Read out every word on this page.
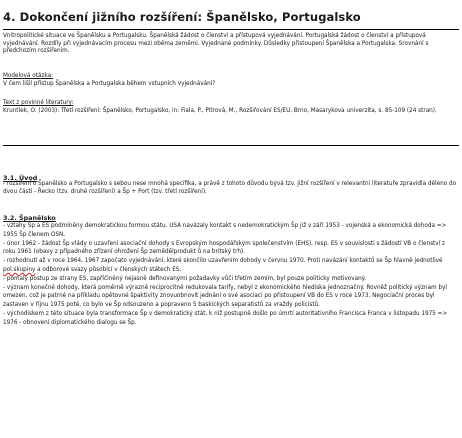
4. Dokončení jižního rozšíření: Španělsko, Portugalsko
Vnitropolitické situace ve Španělsku a Portugalsku. Španělská žádost o členství a přístupová vyjednávání. Portugalská žádost o členství a přístupová vyjednávání. Rozdíly při vyjednávacím procesu mezi oběma zeměmi. Vyjednané podmínky. Důsledky přistoupení Španělska a Portugalska. Srovnání s předchozím rozšířením.
Modelová otázka:
V čem lišil přístup Španělska a Portugalska během vstupních vyjednávání?
Text z povinné literatury:
Kruntlek, O. (2003): Třetí rozšíření: Španělsko, Portugalsko, in: Fiala, P., Pitrová, M., Rozšiřování ES/EU, Brno, Masarykova univerzita, s. 85-109 (24 stran).
3.1. Úvod
- rozšíření o Španělsko a Portugalsko s sebou nese mnohá specifika, a právě z tohoto důvodu bývá tzv. jižní rozšíření v relevantní literatuře zpravidla děleno do dvou částí - Řecko (tzv. druhé rozšíření) a Šp + Port (tzv. třetí rozšíření).
3.2. Španělsko

- vztahy Šp a ES podmíněny demokratickou formou státu. USA navázaly kontakt s nedemokratickým Šp již v září 1953 - vojenská a ekonomická dohoda => 1955 Šp členem OSN.

- únor 1962 - žádost Šp vlády o uzavření asociační dohody s Evropským hospodářským společenstvím (EHS), resp. ES v souvislosti s žádostí VB o členství z roku 1961 (obavy z případného zřízení ohrožení Šp zemědělprodukt ů na britský trh).

- rozhodnutí až v roce 1964, 1967 započato vyjednávání, které skončilo uzavřením dohody v červnu 1970. Proti navázání kontaktů se Šp hlavně jednotlivé pol.skupiny a odborové svazy působící v členských státech ES.

- pomalý postup ze strany ES, zapříčiněný nejasně definovanými požadavky vůči třetím zemím, byl pouze politicky motivovaný.

- význam konečné dohody, která poměrně výrazně reciprocitně redukovala tarify, nebyl z ekonomického hlediska jednoznačný. Rovněž politický význam byl omezen, což je patrné na příkladu opětovné špaktivity znovuobnovit jednání o své asociaci po přistoupení VB do ES v roce 1973. Negociační proces byl zastaven v říjnu 1975 poté, co bylo ve Šp odsouzeno a popraveno 5 baskických separatistů za vraždy policistů.

- východiskem z této situace byla transformace Šp v demokratický stát, k níž postupně došlo po úmrtí autoritativního Francisca Franca v listopadu 1975 => 1976 - obnovení diplomatického dialogu se Šp.
